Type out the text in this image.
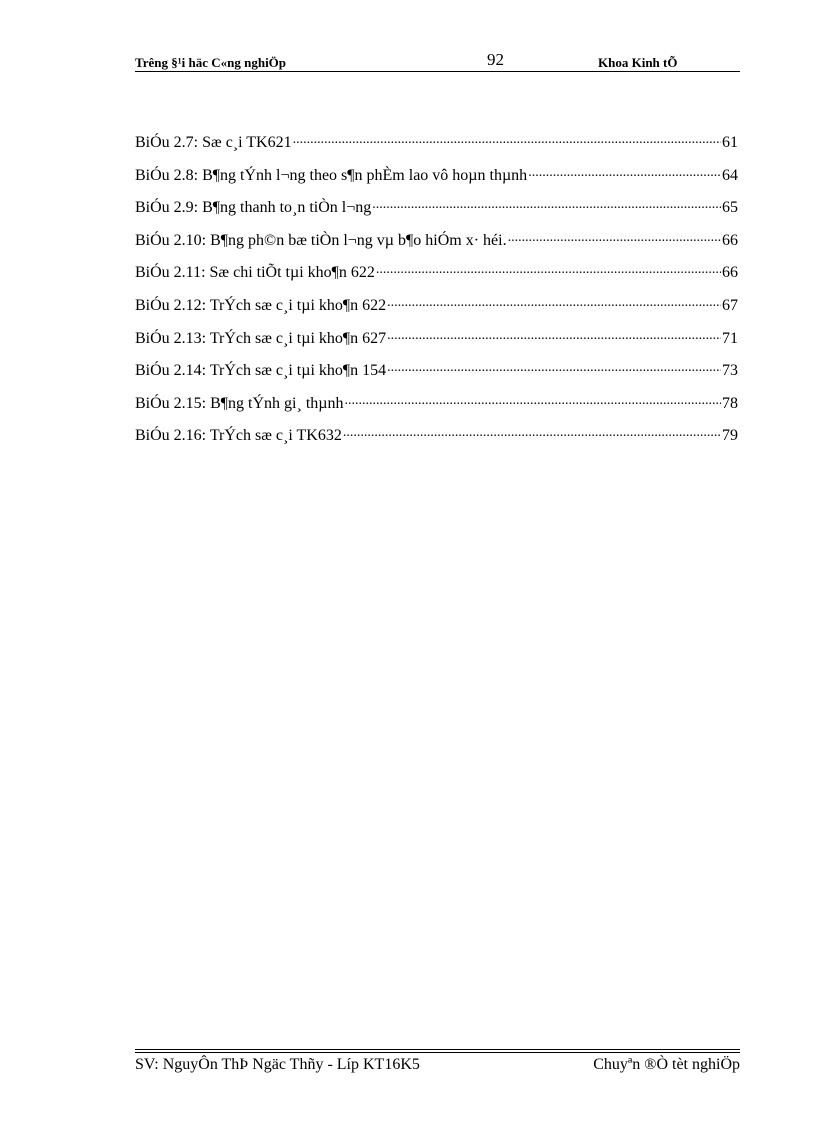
Trêng §¹i häc C«ng nghiÖp	92	Khoa Kinh tÕ
BiÓu 2.7: Sæ c¸i TK621 .....	61
BiÓu 2.8: B¶ng tÝnh l¬ng theo s¶n phÈm lao vô hoµn thµnh .....	64
BiÓu 2.9: B¶ng thanh to¸n tiÒn l¬ng .....	65
BiÓu 2.10: B¶ng ph©n bæ tiÒn l¬ng vµ b¶o hiÓm x· héi. .....	66
BiÓu 2.11: Sæ chi tiÕt tµi kho¶n 622 .....	66
BiÓu 2.12: TrÝch sæ c¸i tµi kho¶n 622 .....	67
BiÓu 2.13: TrÝch sæ c¸i tµi kho¶n 627 .....	71
BiÓu 2.14: TrÝch sæ c¸i tµi kho¶n 154 .....	73
BiÓu 2.15: B¶ng tÝnh gi¸ thµnh .....	78
BiÓu 2.16: TrÝch sæ c¸i TK632 .....	79
SV: NguyÔn ThÞ Ngäc Thñy - Líp KT16K5	Chuyªn ®Ò tèt nghiÖp
